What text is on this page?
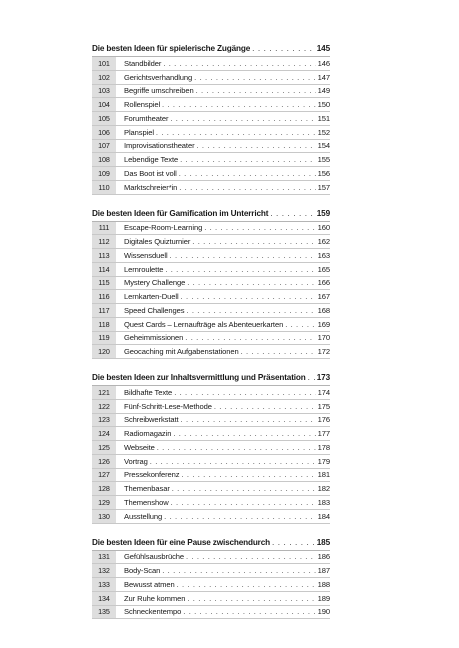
Die besten Ideen für spielerische Zugänge . . .	145
101	Standbilder . . .	146
102	Gerichtsverhandlung . . .	147
103	Begriffe umschreiben . . .	149
104	Rollenspiel . . .	150
105	Forumtheater . . .	151
106	Planspiel . . .	152
107	Improvisationstheater . . .	154
108	Lebendige Texte . . .	155
109	Das Boot ist voll . . .	156
110	Marktschreier*in . . .	157
Die besten Ideen für Gamification im Unterricht . . .	159
111	Escape-Room-Learning . . .	160
112	Digitales Quizturnier . . .	162
113	Wissensduell . . .	163
114	Lernroulette . . .	165
115	Mystery Challenge . . .	166
116	Lernkarten-Duell . . .	167
117	Speed Challenges . . .	168
118	Quest Cards – Lernaufträge als Abenteuerkarten . . .	169
119	Geheimmissionen . . .	170
120	Geocaching mit Aufgabenstationen . . .	172
Die besten Ideen zur Inhaltsvermittlung und Präsentation . . . 173
121	Bildhafte Texte . . .	174
122	Fünf-Schritt-Lese-Methode . . .	175
123	Schreibwerkstatt . . .	176
124	Radiomagazin . . .	177
125	Webseite . . .	178
126	Vortrag . . .	179
127	Pressekonferenz . . .	181
128	Themenbasar . . .	182
129	Themenshow . . .	183
130	Ausstellung . . .	184
Die besten Ideen für eine Pause zwischendurch . . .	185
131	Gefühlsausbrüche . . .	186
132	Body-Scan . . .	187
133	Bewusst atmen . . .	188
134	Zur Ruhe kommen . . .	189
135	Schneckentempo . . .	190
